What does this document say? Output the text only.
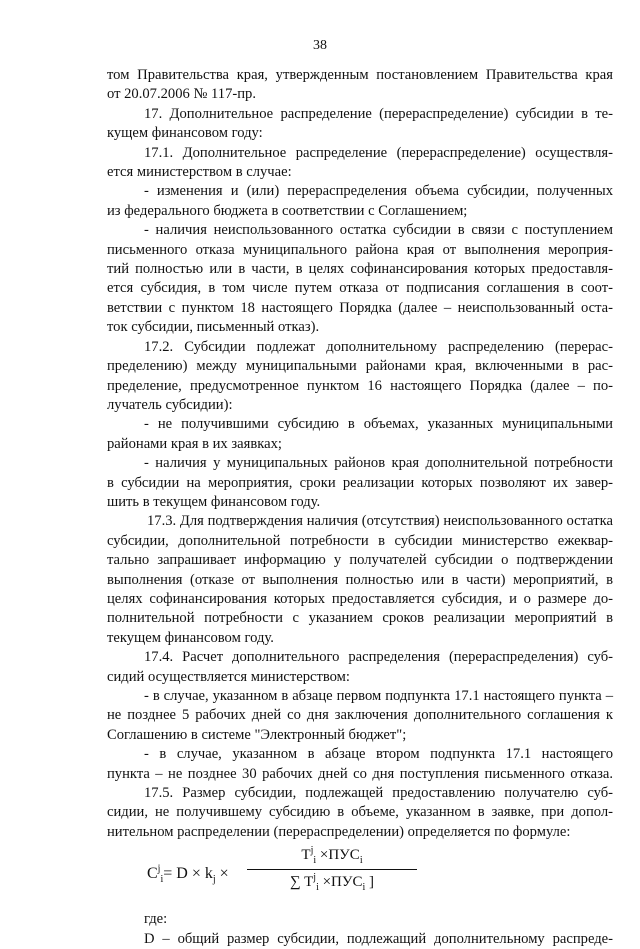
38
том Правительства края, утвержденным постановлением Правительства края
от 20.07.2006 № 117-пр.
17. Дополнительное распределение (перераспределение) субсидии в те-
кущем финансовом году:
17.1. Дополнительное распределение (перераспределение) осуществля-
ется министерством в случае:
- изменения и (или) перераспределения объема субсидии, полученных
из федерального бюджета в соответствии с Соглашением;
- наличия неиспользованного остатка субсидии в связи с поступлением
письменного отказа муниципального района края от выполнения мероприя-
тий полностью или в части, в целях софинансирования которых предоставля-
ется субсидия, в том числе путем отказа от подписания соглашения в соот-
ветствии с пунктом 18 настоящего Порядка (далее – неиспользованный оста-
ток субсидии, письменный отказ).
17.2. Субсидии подлежат дополнительному распределению (перерас-
пределению) между муниципальными районами края, включенными в рас-
пределение, предусмотренное пунктом 16 настоящего Порядка (далее – по-
лучатель субсидии):
- не получившими субсидию в объемах, указанных муниципальными
районами края в их заявках;
- наличия у муниципальных районов края дополнительной потребности
в субсидии на мероприятия, сроки реализации которых позволяют их завер-
шить в текущем финансовом году.
17.3. Для подтверждения наличия (отсутствия) неиспользованного остатка
субсидии, дополнительной потребности в субсидии министерство ежеквар-
тально запрашивает информацию у получателей субсидии о подтверждении
выполнения (отказе от выполнения полностью или в части) мероприятий, в
целях софинансирования которых предоставляется субсидия, и о размере до-
полнительной потребности с указанием сроков реализации мероприятий в
текущем финансовом году.
17.4. Расчет дополнительного распределения (перераспределения) суб-
сидий осуществляется министерством:
- в случае, указанном в абзаце первом подпункта 17.1 настоящего пункта –
не позднее 5 рабочих дней со дня заключения дополнительного соглашения к
Соглашению в системе "Электронный бюджет";
- в случае, указанном в абзаце втором подпункта 17.1 настоящего
пункта – не позднее 30 рабочих дней со дня поступления письменного отказа.
17.5. Размер субсидии, подлежащей предоставлению получателю суб-
сидии, не получившему субсидию в объеме, указанном в заявке, при допол-
нительном распределении (перераспределении) определяется по формуле:
$C^j_i= D \times k_j$ ×
$T^j_i \times ПУС_i$
∑ $T^j_i \times ПУС_i$ ]
где:
D – общий размер субсидии, подлежащий дополнительному распреде-
